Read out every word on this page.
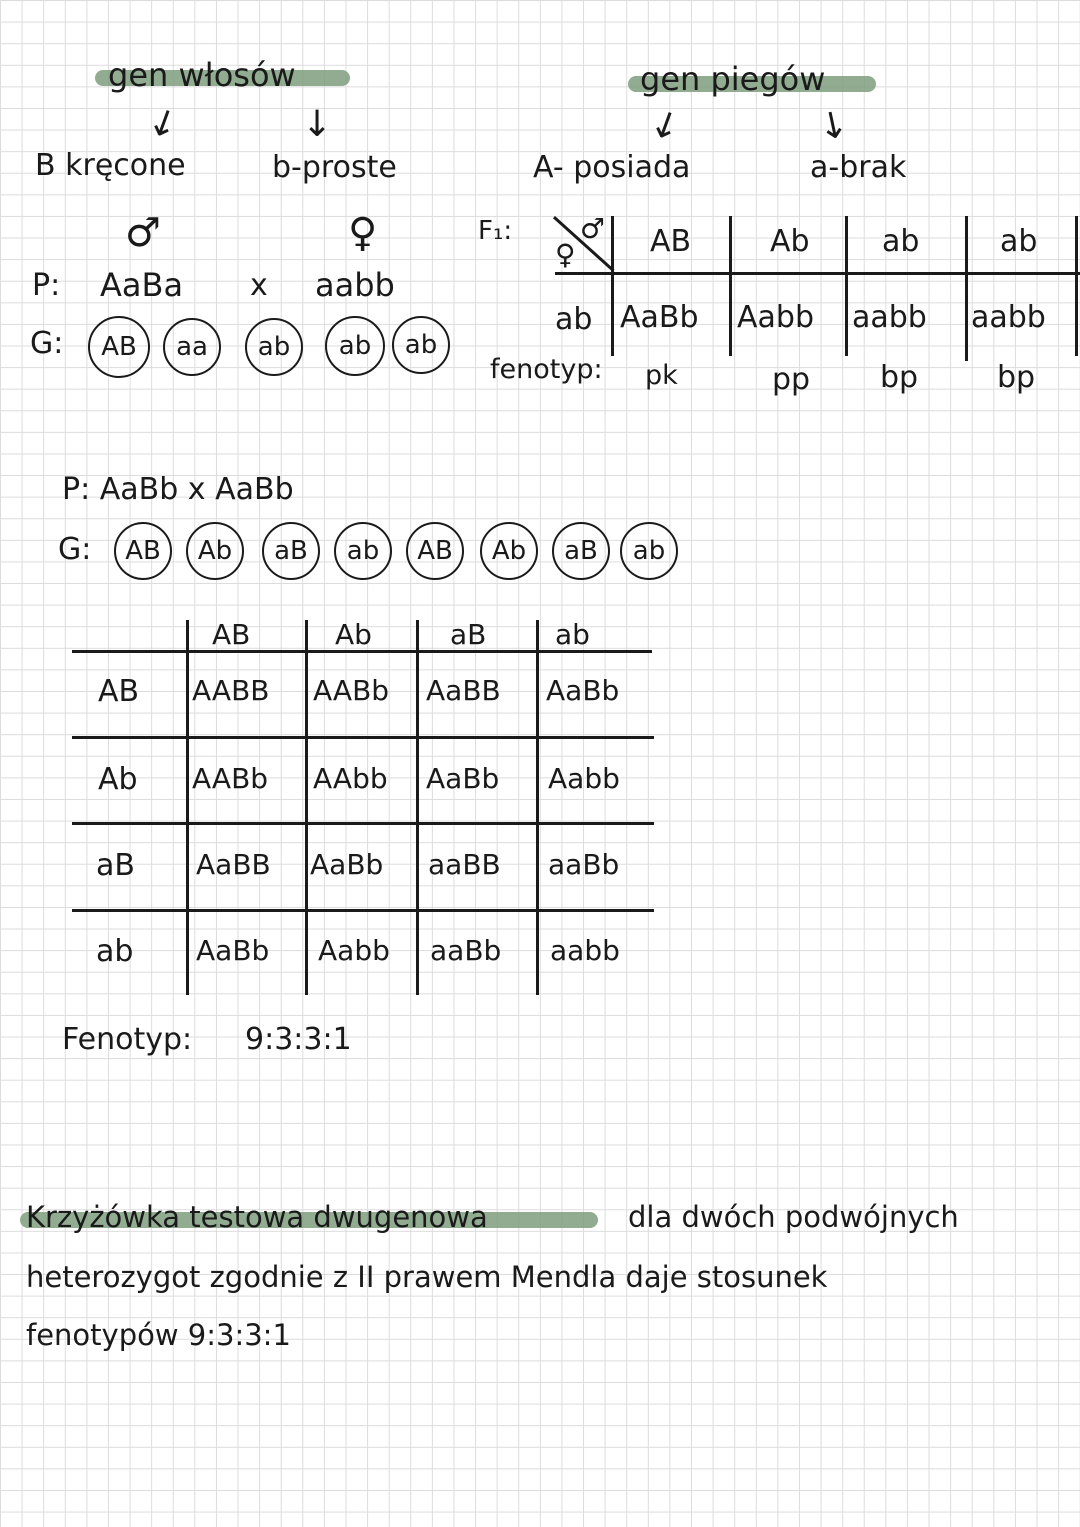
gen włosów
↓	↓
B kręcone	b-proste
♂	♀
P: AaBa x aabb
G:	AB	aa	ab	ab	ab
gen piegów
↓	↓
A- posiada	a-brak
F₁:
♀
♂ AB	Ab ab	ab
ab AaBb Aabb aabb aabb
fenotyp: pk	pp bp	bp
P: AaBb x AaBb
G:	AB	Ab	aB	ab	AB	Ab	aB	ab
AB	Ab	aB ab
AB AABB AABb AaBB AaBb
Ab AABb AAbb AaBb Aabb
aB AaBB AaBb aaBB aaBb
ab AaBb Aabb aaBb aabb
Fenotyp: 9:3:3:1
Krzyżówka testowa dwugenowa	dla dwóch podwójnych
heterozygot zgodnie z II prawem Mendla daje stosunek
fenotypów 9:3:3:1
